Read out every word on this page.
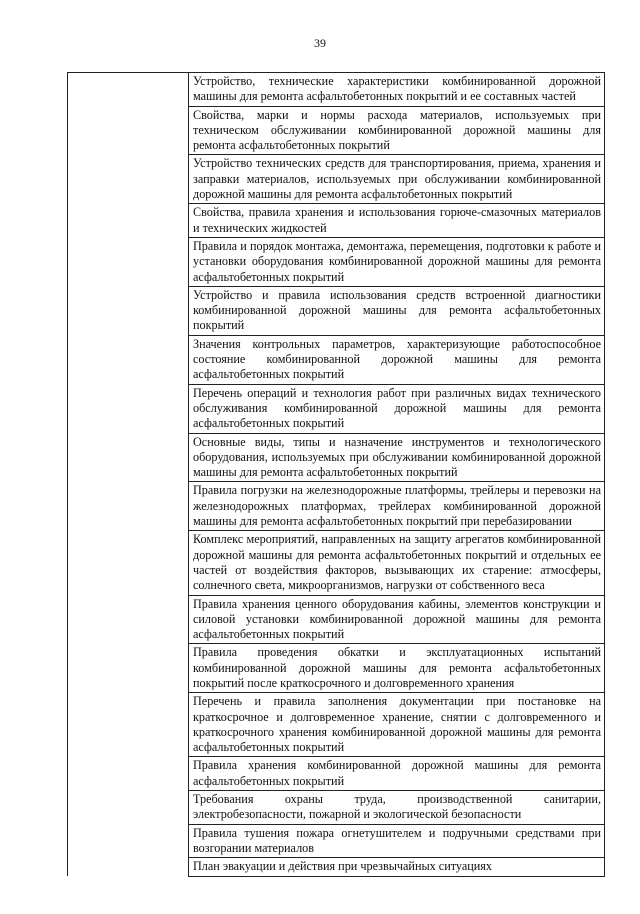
39
	Устройство, технические характеристики комбинированной дорожной машины для ремонта асфальтобетонных покрытий и ее составных частей
Свойства, марки и нормы расхода материалов, используемых при техническом обслуживании комбинированной дорожной машины для ремонта асфальтобетонных покрытий
Устройство технических средств для транспортирования, приема, хранения и заправки материалов, используемых при обслуживании комбинированной дорожной машины для ремонта асфальтобетонных покрытий
Свойства, правила хранения и использования горюче-смазочных материалов и технических жидкостей
Правила и порядок монтажа, демонтажа, перемещения, подготовки к работе и установки оборудования комбинированной дорожной машины для ремонта асфальтобетонных покрытий
Устройство и правила использования средств встроенной диагностики комбинированной дорожной машины для ремонта асфальтобетонных покрытий
Значения контрольных параметров, характеризующие работоспособное состояние комбинированной дорожной машины для ремонта асфальтобетонных покрытий
Перечень операций и технология работ при различных видах технического обслуживания комбинированной дорожной машины для ремонта асфальтобетонных покрытий
Основные виды, типы и назначение инструментов и технологического оборудования, используемых при обслуживании комбинированной дорожной машины для ремонта асфальтобетонных покрытий
Правила погрузки на железнодорожные платформы, трейлеры и перевозки на железнодорожных платформах, трейлерах комбинированной дорожной машины для ремонта асфальтобетонных покрытий при перебазировании
Комплекс мероприятий, направленных на защиту агрегатов комбинированной дорожной машины для ремонта асфальтобетонных покрытий и отдельных ее частей от воздействия факторов, вызывающих их старение: атмосферы, солнечного света, микроорганизмов, нагрузки от собственного веса
Правила хранения ценного оборудования кабины, элементов конструкции и силовой установки комбинированной дорожной машины для ремонта асфальтобетонных покрытий
Правила проведения обкатки и эксплуатационных испытаний комбинированной дорожной машины для ремонта асфальтобетонных покрытий после краткосрочного и долговременного хранения
Перечень и правила заполнения документации при постановке на краткосрочное и долговременное хранение, снятии с долговременного и краткосрочного хранения комбинированной дорожной машины для ремонта асфальтобетонных покрытий
Правила хранения комбинированной дорожной машины для ремонта асфальтобетонных покрытий
Требования охраны труда, производственной санитарии, электробезопасности, пожарной и экологической безопасности
Правила тушения пожара огнетушителем и подручными средствами при возгорании материалов
План эвакуации и действия при чрезвычайных ситуациях
